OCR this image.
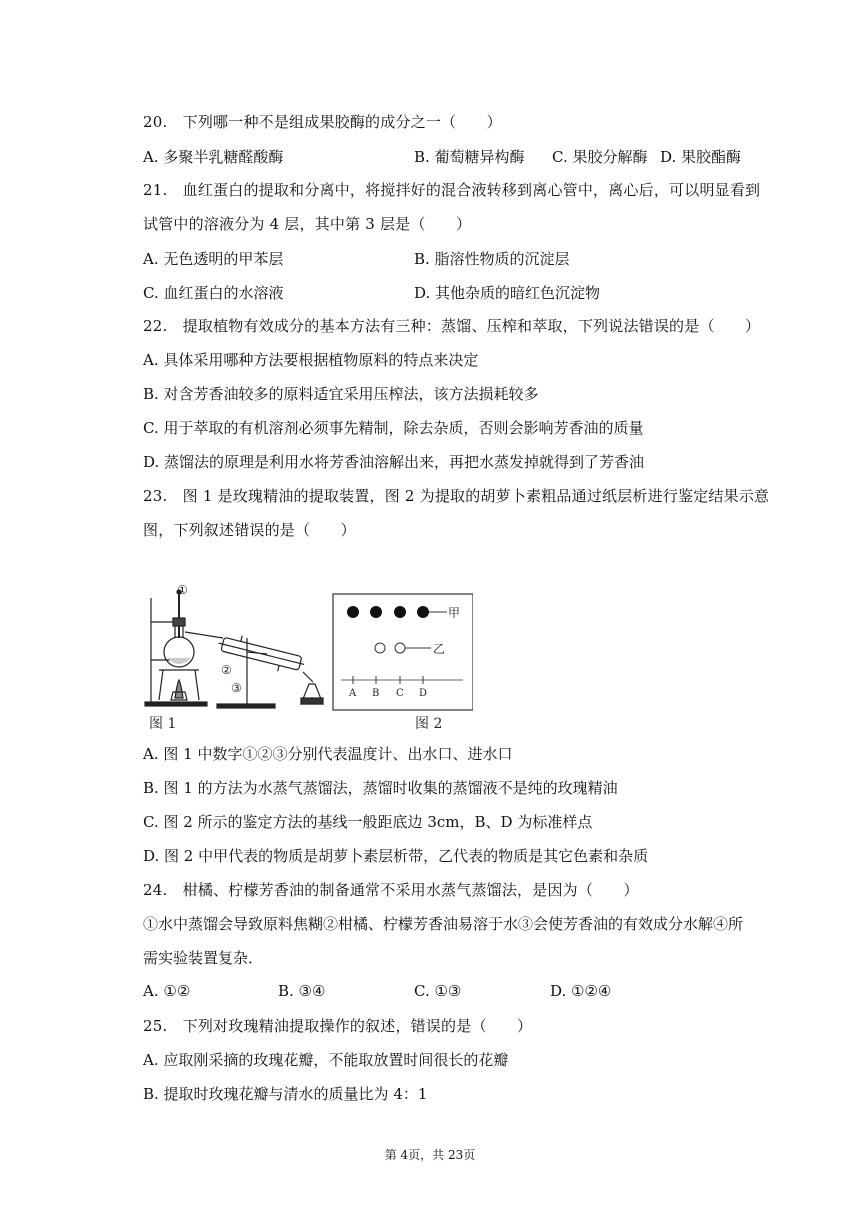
20.　下列哪一种不是组成果胶酶的成分之一（　　）
A. 多聚半乳糖醛酸酶	B. 葡萄糖异构酶 C. 果胶分解酶 D. 果胶酯酶
21.　血红蛋白的提取和分离中，将搅拌好的混合液转移到离心管中，离心后，可以明显看到
试管中的溶液分为 4 层，其中第 3 层是（　　）
A. 无色透明的甲苯层	B. 脂溶性物质的沉淀层
C. 血红蛋白的水溶液	D. 其他杂质的暗红色沉淀物
22.　提取植物有效成分的基本方法有三种：蒸馏、压榨和萃取，下列说法错误的是（　　）
A. 具体采用哪种方法要根据植物原料的特点来决定
B. 对含芳香油较多的原料适宜采用压榨法，该方法损耗较多
C. 用于萃取的有机溶剂必须事先精制，除去杂质，否则会影响芳香油的质量
D. 蒸馏法的原理是利用水将芳香油溶解出来，再把水蒸发掉就得到了芳香油
23.　图 1 是玫瑰精油的提取装置，图 2 为提取的胡萝卜素粗品通过纸层析进行鉴定结果示意
图，下列叙述错误的是（　　）
①
②
③
图 1
甲
乙
A B C D
图 2
A. 图 1 中数字①②③分别代表温度计、出水口、进水口
B. 图 1 的方法为水蒸气蒸馏法，蒸馏时收集的蒸馏液不是纯的玫瑰精油
C. 图 2 所示的鉴定方法的基线一般距底边 3cm，B、D 为标准样点
D. 图 2 中甲代表的物质是胡萝卜素层析带，乙代表的物质是其它色素和杂质
24.　柑橘、柠檬芳香油的制备通常不采用水蒸气蒸馏法，是因为（　　）
①水中蒸馏会导致原料焦糊②柑橘、柠檬芳香油易溶于水③会使芳香油的有效成分水解④所
需实验装置复杂．
A. ①②	B. ③④	C. ①③	D. ①②④
25.　下列对玫瑰精油提取操作的叙述，错误的是（　　）
A. 应取刚采摘的玫瑰花瓣，不能取放置时间很长的花瓣
B. 提取时玫瑰花瓣与清水的质量比为 4：1
第 4页，共 23页
